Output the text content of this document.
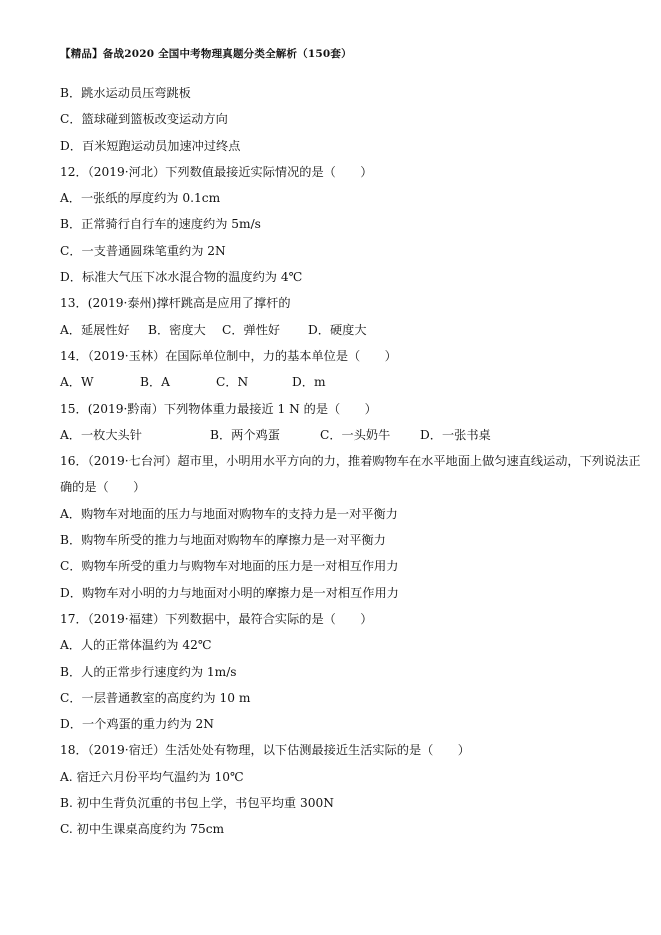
【精品】备战2020 全国中考物理真题分类全解析（150套）
B．跳水运动员压弯跳板
C．篮球碰到篮板改变运动方向
D．百米短跑运动员加速冲过终点
12．（2019·河北）下列数值最接近实际情况的是（　　）
A．一张纸的厚度约为 0.1cm
B．正常骑行自行车的速度约为 5m/s
C．一支普通圆珠笔重约为 2N
D．标准大气压下冰水混合物的温度约为 4℃
13．(2019·泰州)撑杆跳高是应用了撑杆的
A．延展性好 B．密度大 C．弹性好 D．硬度大
14．（2019·玉林）在国际单位制中，力的基本单位是（　　）
A．W	B．A	C．N	D．m
15．(2019·黔南）下列物体重力最接近 1 N 的是（　　）
A．一枚大头针	B．两个鸡蛋	C．一头奶牛 D．一张书桌
16．（2019·七台河）超市里，小明用水平方向的力，推着购物车在水平地面上做匀速直线运动，下列说法正
确的是（　　）
A．购物车对地面的压力与地面对购物车的支持力是一对平衡力
B．购物车所受的推力与地面对购物车的摩擦力是一对平衡力
C．购物车所受的重力与购物车对地面的压力是一对相互作用力
D．购物车对小明的力与地面对小明的摩擦力是一对相互作用力
17．（2019·福建）下列数据中，最符合实际的是（　　）
A．人的正常体温约为 42℃
B．人的正常步行速度约为 1m/s
C．一层普通教室的高度约为 10 m
D．一个鸡蛋的重力约为 2N
18．（2019·宿迁）生活处处有物理，以下估测最接近生活实际的是（　　）
A. 宿迁六月份平均气温约为 10℃
B. 初中生背负沉重的书包上学，书包平均重 300N
C. 初中生课桌高度约为 75cm
